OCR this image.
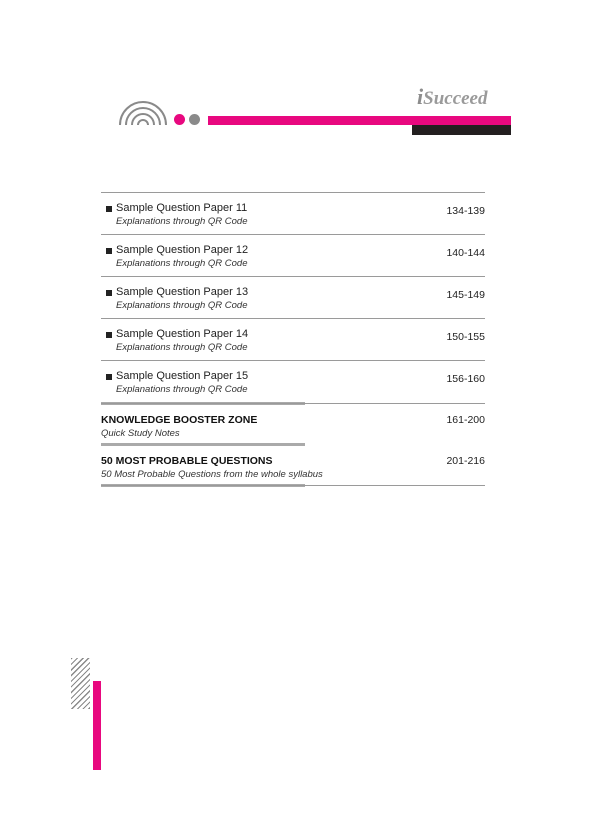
iSucceed
Sample Question Paper 11
Explanations through QR Code
134-139
Sample Question Paper 12
Explanations through QR Code
140-144
Sample Question Paper 13
Explanations through QR Code
145-149
Sample Question Paper 14
Explanations through QR Code
150-155
Sample Question Paper 15
Explanations through QR Code
156-160
KNOWLEDGE BOOSTER ZONE
Quick Study Notes
161-200
50 MOST PROBABLE QUESTIONS
50 Most Probable Questions from the whole syllabus
201-216
